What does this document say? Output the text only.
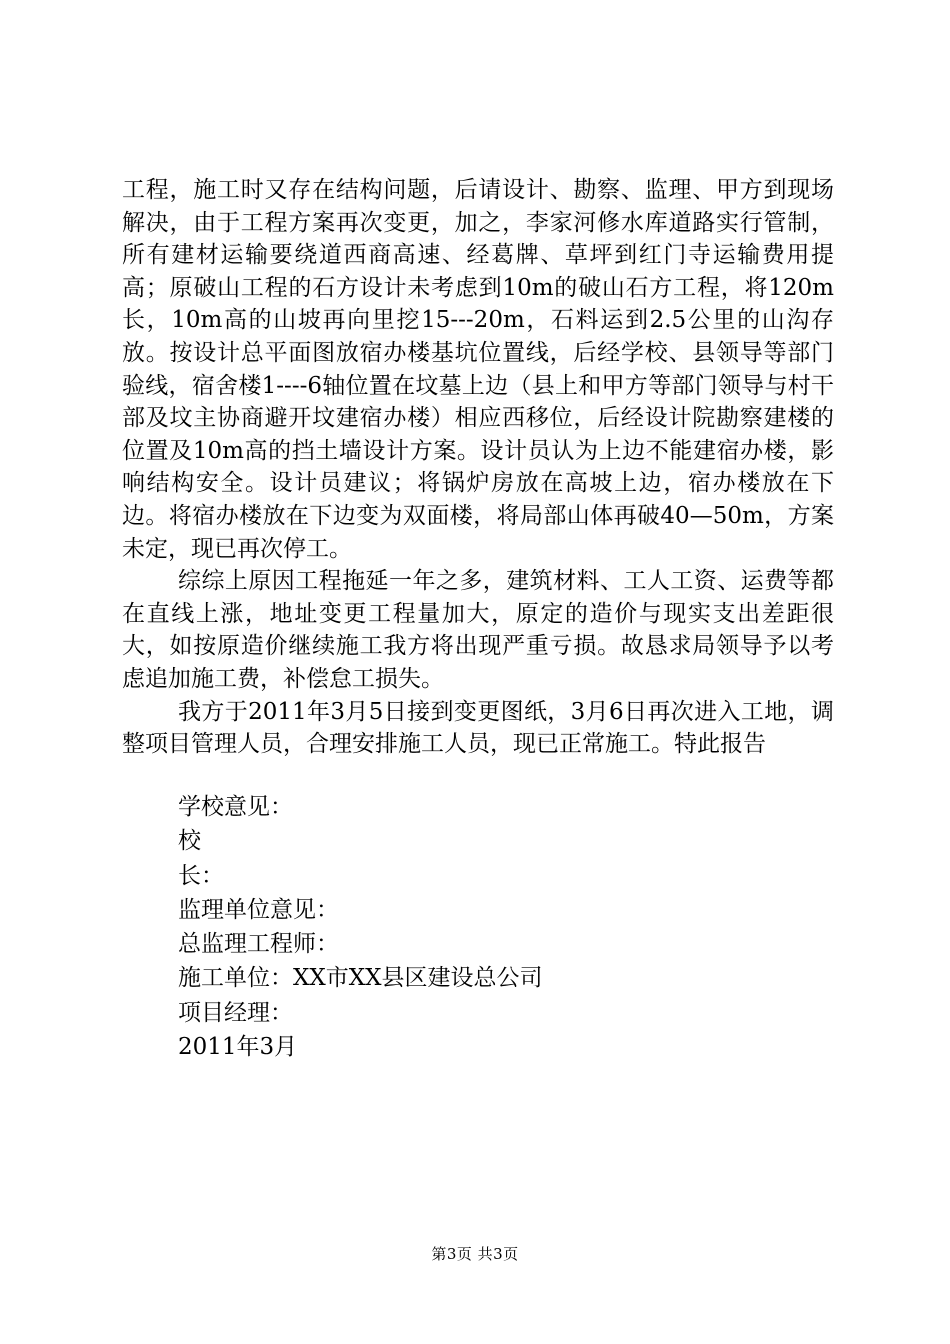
工程，施工时又存在结构问题，后请设计、勘察、监理、甲方到现场解决，由于工程方案再次变更，加之，李家河修水库道路实行管制，所有建材运输要绕道西商高速、经葛牌、草坪到红门寺运输费用提高；原破山工程的石方设计未考虑到10m的破山石方工程，将120m长，10m高的山坡再向里挖15---20m，石料运到2.5公里的山沟存放。按设计总平面图放宿办楼基坑位置线，后经学校、县领导等部门验线，宿舍楼1----6轴位置在坟墓上边（县上和甲方等部门领导与村干部及坟主协商避开坟建宿办楼）相应西移位，后经设计院勘察建楼的位置及10m高的挡土墙设计方案。设计员认为上边不能建宿办楼，影响结构安全。设计员建议；将锅炉房放在高坡上边，宿办楼放在下边。将宿办楼放在下边变为双面楼，将局部山体再破40—50m，方案未定，现已再次停工。

综综上原因工程拖延一年之多，建筑材料、工人工资、运费等都在直线上涨，地址变更工程量加大，原定的造价与现实支出差距很大，如按原造价继续施工我方将出现严重亏损。故恳求局领导予以考虑追加施工费，补偿怠工损失。

我方于2011年3月5日接到变更图纸，3月6日再次进入工地，调整项目管理人员，合理安排施工人员，现已正常施工。特此报告

学校意见：
校
长：
监理单位意见：
总监理工程师：
施工单位：XX市XX县区建设总公司
项目经理：
2011年3月
第3页 共3页
